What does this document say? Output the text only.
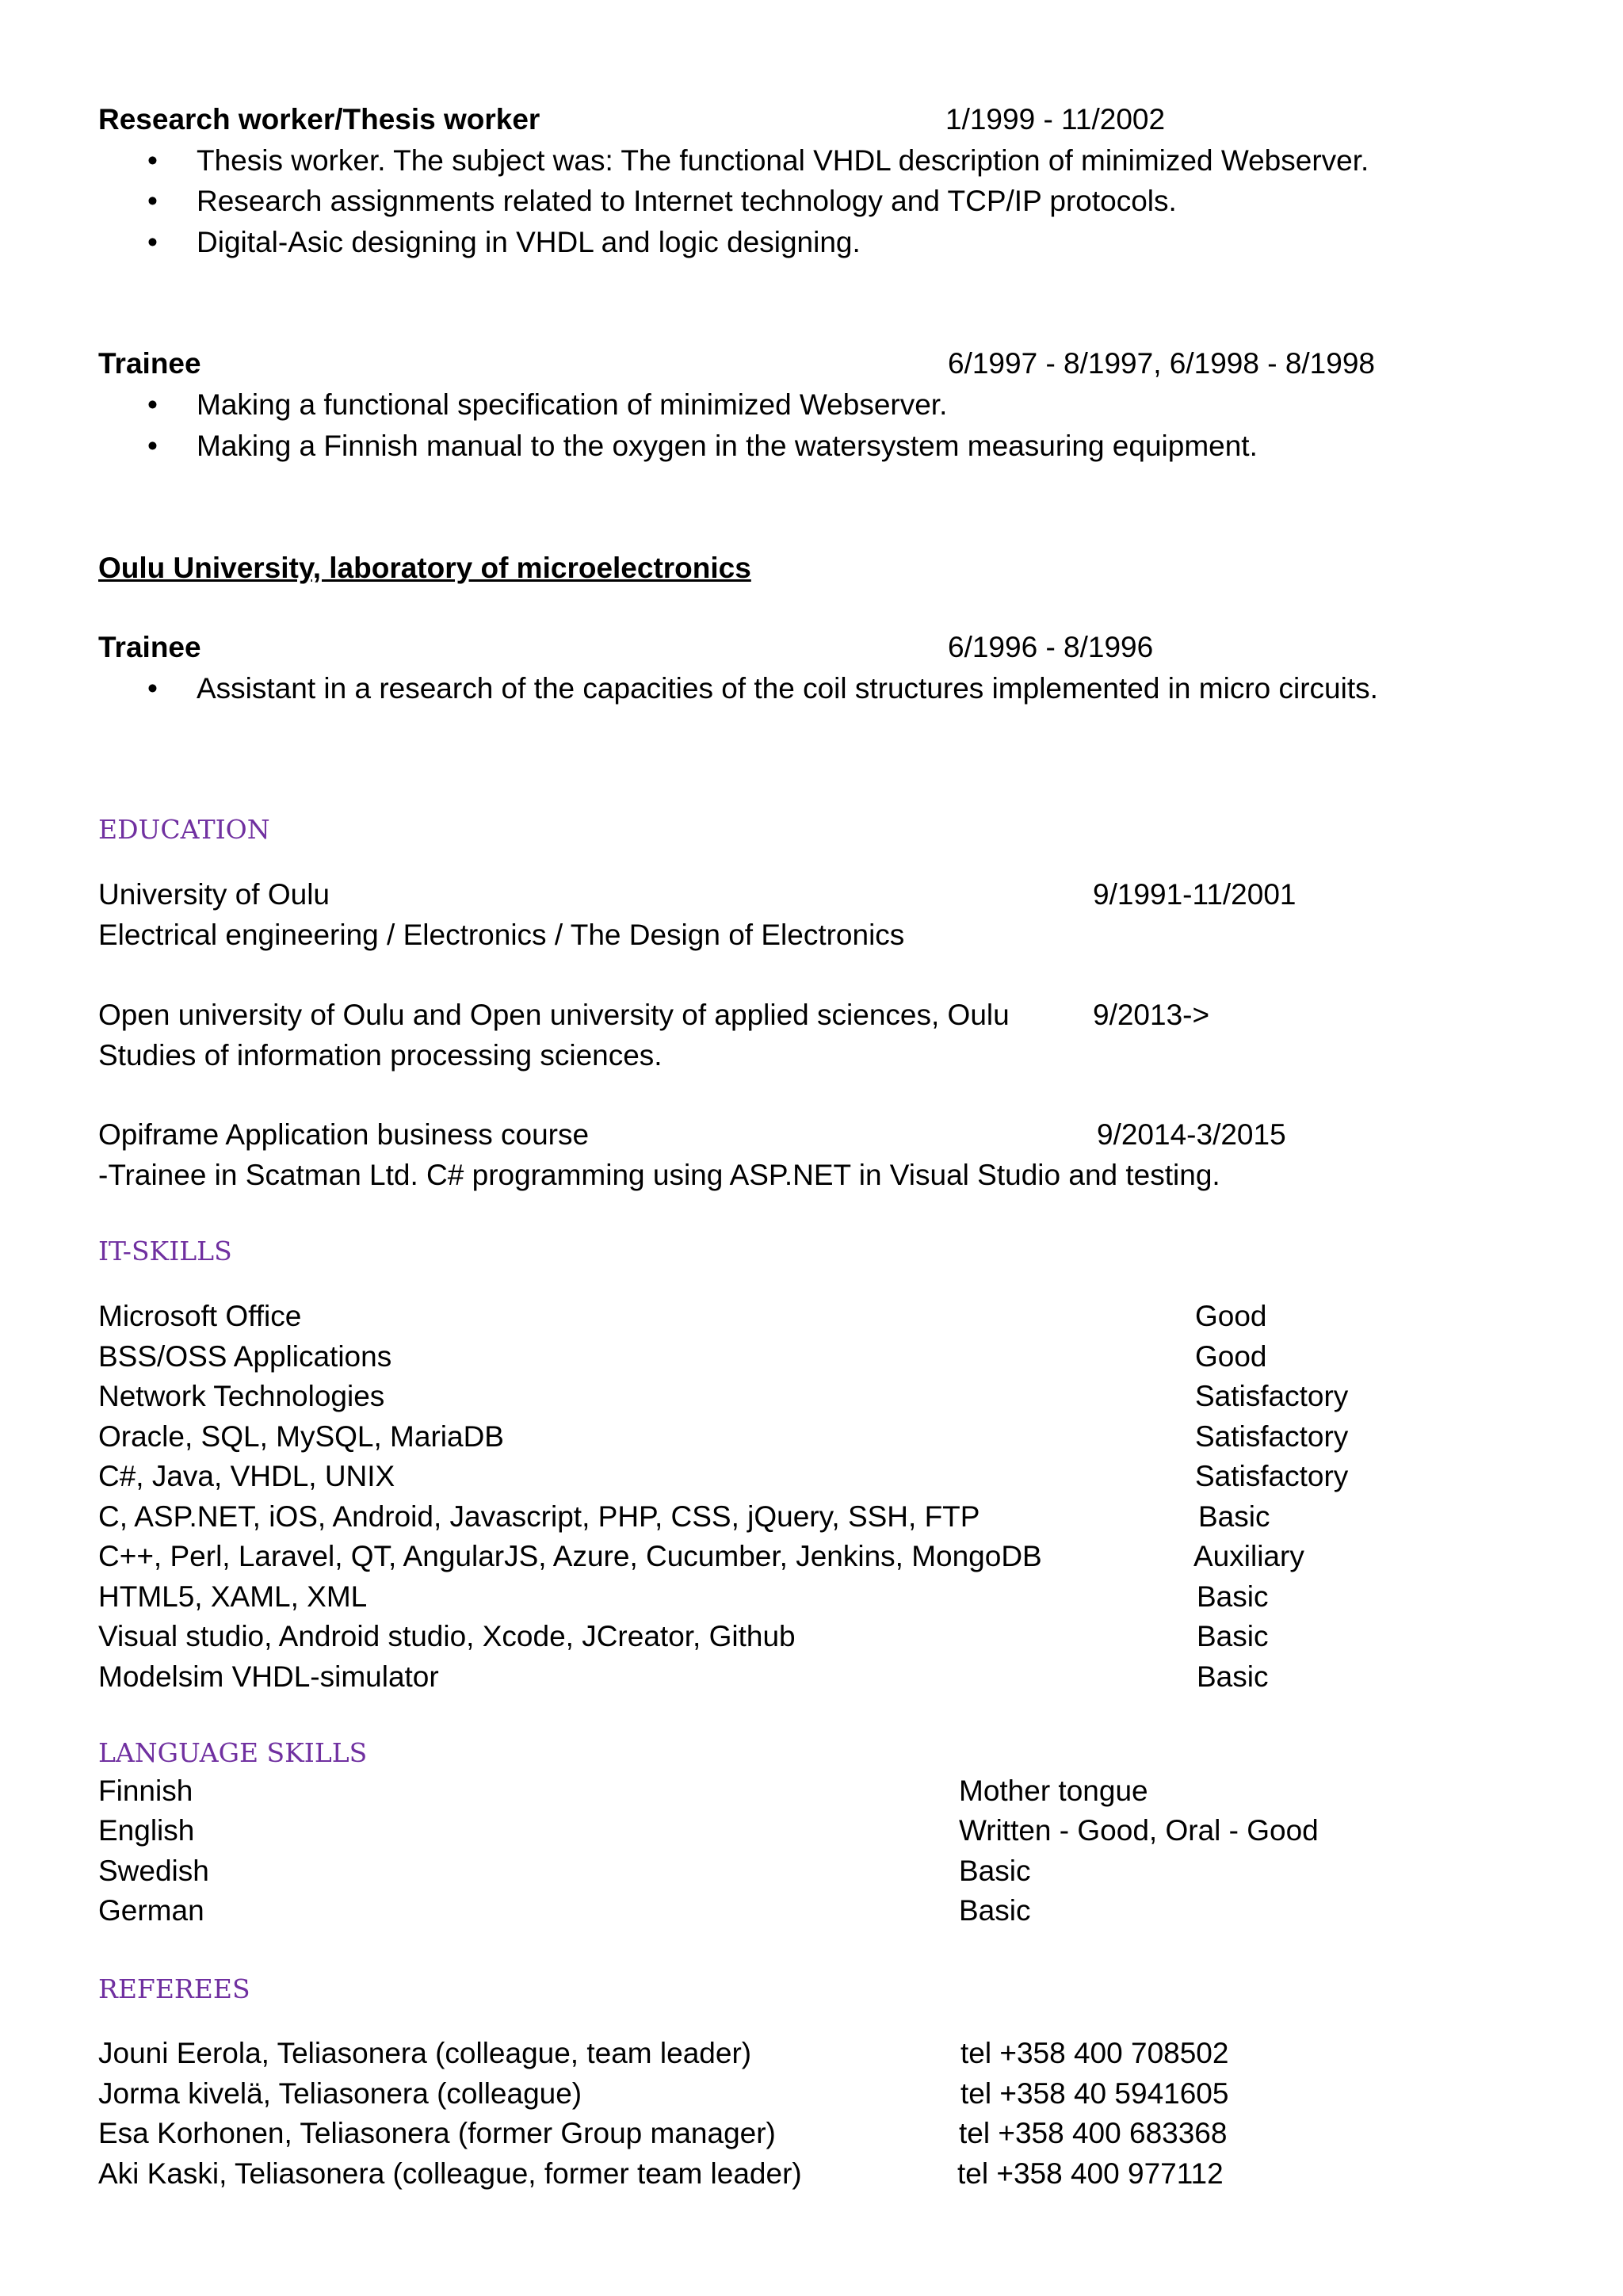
Research worker/Thesis worker	1/1999 - 11/2002
• Thesis worker. The subject was: The functional VHDL description of minimized Webserver.
• Research assignments related to Internet technology and TCP/IP protocols.
• Digital-Asic designing in VHDL and logic designing.
Trainee	6/1997 - 8/1997, 6/1998 - 8/1998
• Making a functional specification of minimized Webserver.
• Making a Finnish manual to the oxygen in the watersystem measuring equipment.
Oulu University, laboratory of microelectronics
Trainee	6/1996 - 8/1996
• Assistant in a research of the capacities of the coil structures implemented in micro circuits.
EDUCATION
University of Oulu	9/1991-11/2001
Electrical engineering / Electronics / The Design of Electronics
Open university of Oulu and Open university of applied sciences, Oulu	9/2013->
Studies of information processing sciences.
Opiframe Application business course	9/2014-3/2015
-Trainee in Scatman Ltd. C# programming using ASP.NET in Visual Studio and testing.
IT-SKILLS
Microsoft Office	Good
BSS/OSS Applications	Good
Network Technologies	Satisfactory
Oracle, SQL, MySQL, MariaDB	Satisfactory
C#, Java, VHDL, UNIX	Satisfactory
C, ASP.NET, iOS, Android, Javascript, PHP, CSS, jQuery, SSH, FTP	Basic
C++, Perl, Laravel, QT, AngularJS, Azure, Cucumber, Jenkins, MongoDB	Auxiliary
HTML5, XAML, XML	Basic
Visual studio, Android studio, Xcode, JCreator, Github	Basic
Modelsim VHDL-simulator	Basic
LANGUAGE SKILLS
Finnish	Mother tongue
English	Written - Good, Oral - Good
Swedish	Basic
German	Basic
REFEREES
Jouni Eerola, Teliasonera (colleague, team leader)	tel +358 400 708502
Jorma kivelä, Teliasonera (colleague)	tel +358 40 5941605
Esa Korhonen, Teliasonera (former Group manager)	tel +358 400 683368
Aki Kaski, Teliasonera (colleague, former team leader)	tel +358 400 977112
